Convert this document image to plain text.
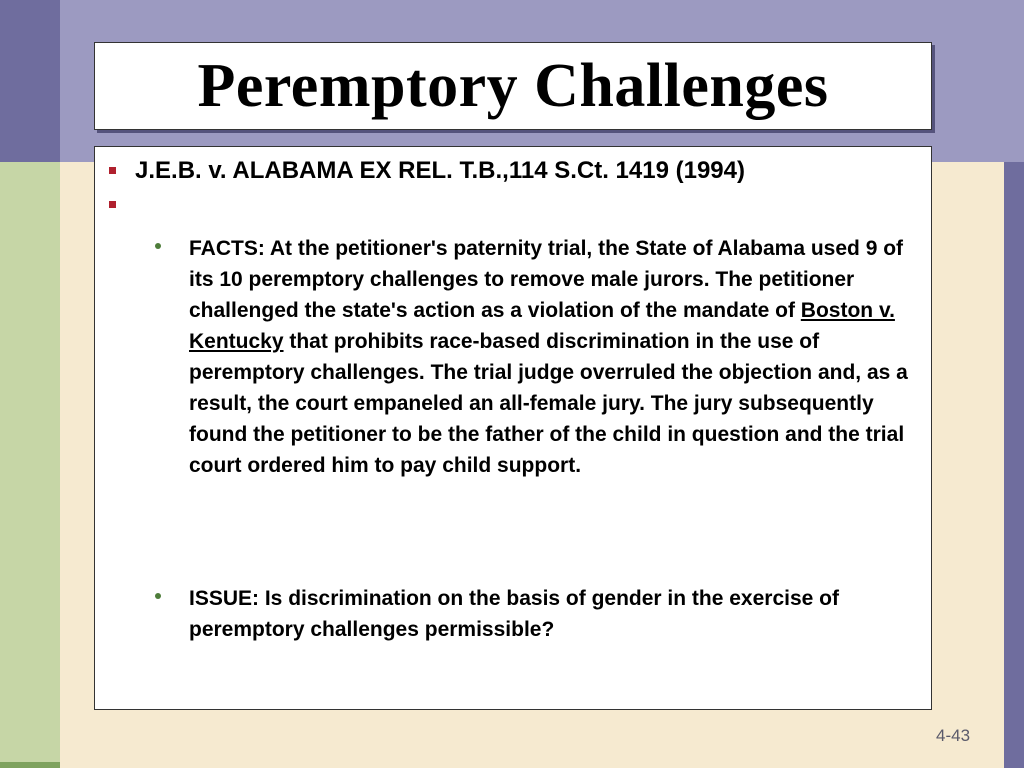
Peremptory Challenges
J.E.B. v. ALABAMA EX REL. T.B.,114 S.Ct. 1419 (1994)
FACTS: At the petitioner's paternity trial, the State of Alabama used 9 of its 10 peremptory challenges to remove male jurors. The petitioner challenged the state's action as a violation of the mandate of Boston v. Kentucky that prohibits race-based discrimination in the use of peremptory challenges. The trial judge overruled the objection and, as a result, the court empaneled an all-female jury. The jury subsequently found the petitioner to be the father of the child in question and the trial court ordered him to pay child support.
ISSUE: Is discrimination on the basis of gender in the exercise of peremptory challenges permissible?
4-43
